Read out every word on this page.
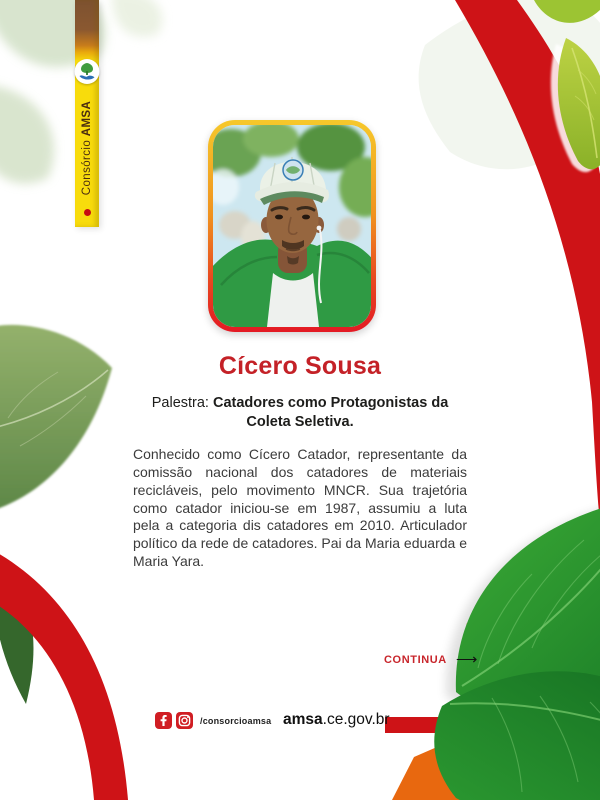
Consórcio AMSA
Cícero Sousa
Palestra: Catadores como Protagonistas da Coleta Seletiva.
Conhecido como Cícero Catador, representante da comissão nacional dos catadores de materiais recicláveis, pelo movimento MNCR. Sua trajetória como catador iniciou-se em 1987, assumiu a luta pela a categoria dis catadores em 2010. Articulador político da rede de catadores. Pai da Maria eduarda e Maria Yara.
CONTINUA ⟶
/consorcioamsa amsa.ce.gov.br
